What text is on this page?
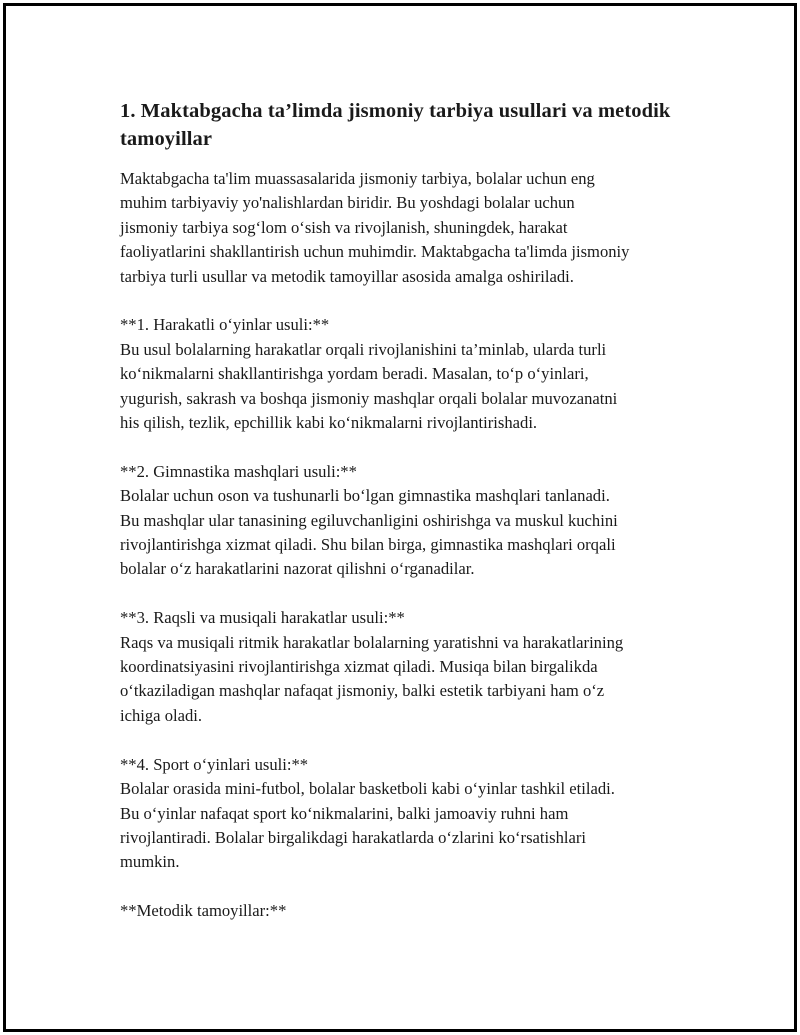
1. Maktabgacha ta’limda jismoniy tarbiya usullari va metodik
tamoyillar

Maktabgacha ta'lim muassasalarida jismoniy tarbiya, bolalar uchun eng
muhim tarbiyaviy yo'nalishlardan biridir. Bu yoshdagi bolalar uchun
jismoniy tarbiya sog‘lom o‘sish va rivojlanish, shuningdek, harakat
faoliyatlarini shakllantirish uchun muhimdir. Maktabgacha ta'limda jismoniy
tarbiya turli usullar va metodik tamoyillar asosida amalga oshiriladi.

**1. Harakatli o‘yinlar usuli:**
Bu usul bolalarning harakatlar orqali rivojlanishini ta’minlab, ularda turli
ko‘nikmalarni shakllantirishga yordam beradi. Masalan, to‘p o‘yinlari,
yugurish, sakrash va boshqa jismoniy mashqlar orqali bolalar muvozanatni
his qilish, tezlik, epchillik kabi ko‘nikmalarni rivojlantirishadi.

**2. Gimnastika mashqlari usuli:**
Bolalar uchun oson va tushunarli bo‘lgan gimnastika mashqlari tanlanadi.
Bu mashqlar ular tanasining egiluvchanligini oshirishga va muskul kuchini
rivojlantirishga xizmat qiladi. Shu bilan birga, gimnastika mashqlari orqali
bolalar o‘z harakatlarini nazorat qilishni o‘rganadilar.

**3. Raqsli va musiqali harakatlar usuli:**
Raqs va musiqali ritmik harakatlar bolalarning yaratishni va harakatlarining
koordinatsiyasini rivojlantirishga xizmat qiladi. Musiqa bilan birgalikda
o‘tkaziladigan mashqlar nafaqat jismoniy, balki estetik tarbiyani ham o‘z
ichiga oladi.

**4. Sport o‘yinlari usuli:**
Bolalar orasida mini-futbol, bolalar basketboli kabi o‘yinlar tashkil etiladi.
Bu o‘yinlar nafaqat sport ko‘nikmalarini, balki jamoaviy ruhni ham
rivojlantiradi. Bolalar birgalikdagi harakatlarda o‘zlarini ko‘rsatishlari
mumkin.

**Metodik tamoyillar:**
